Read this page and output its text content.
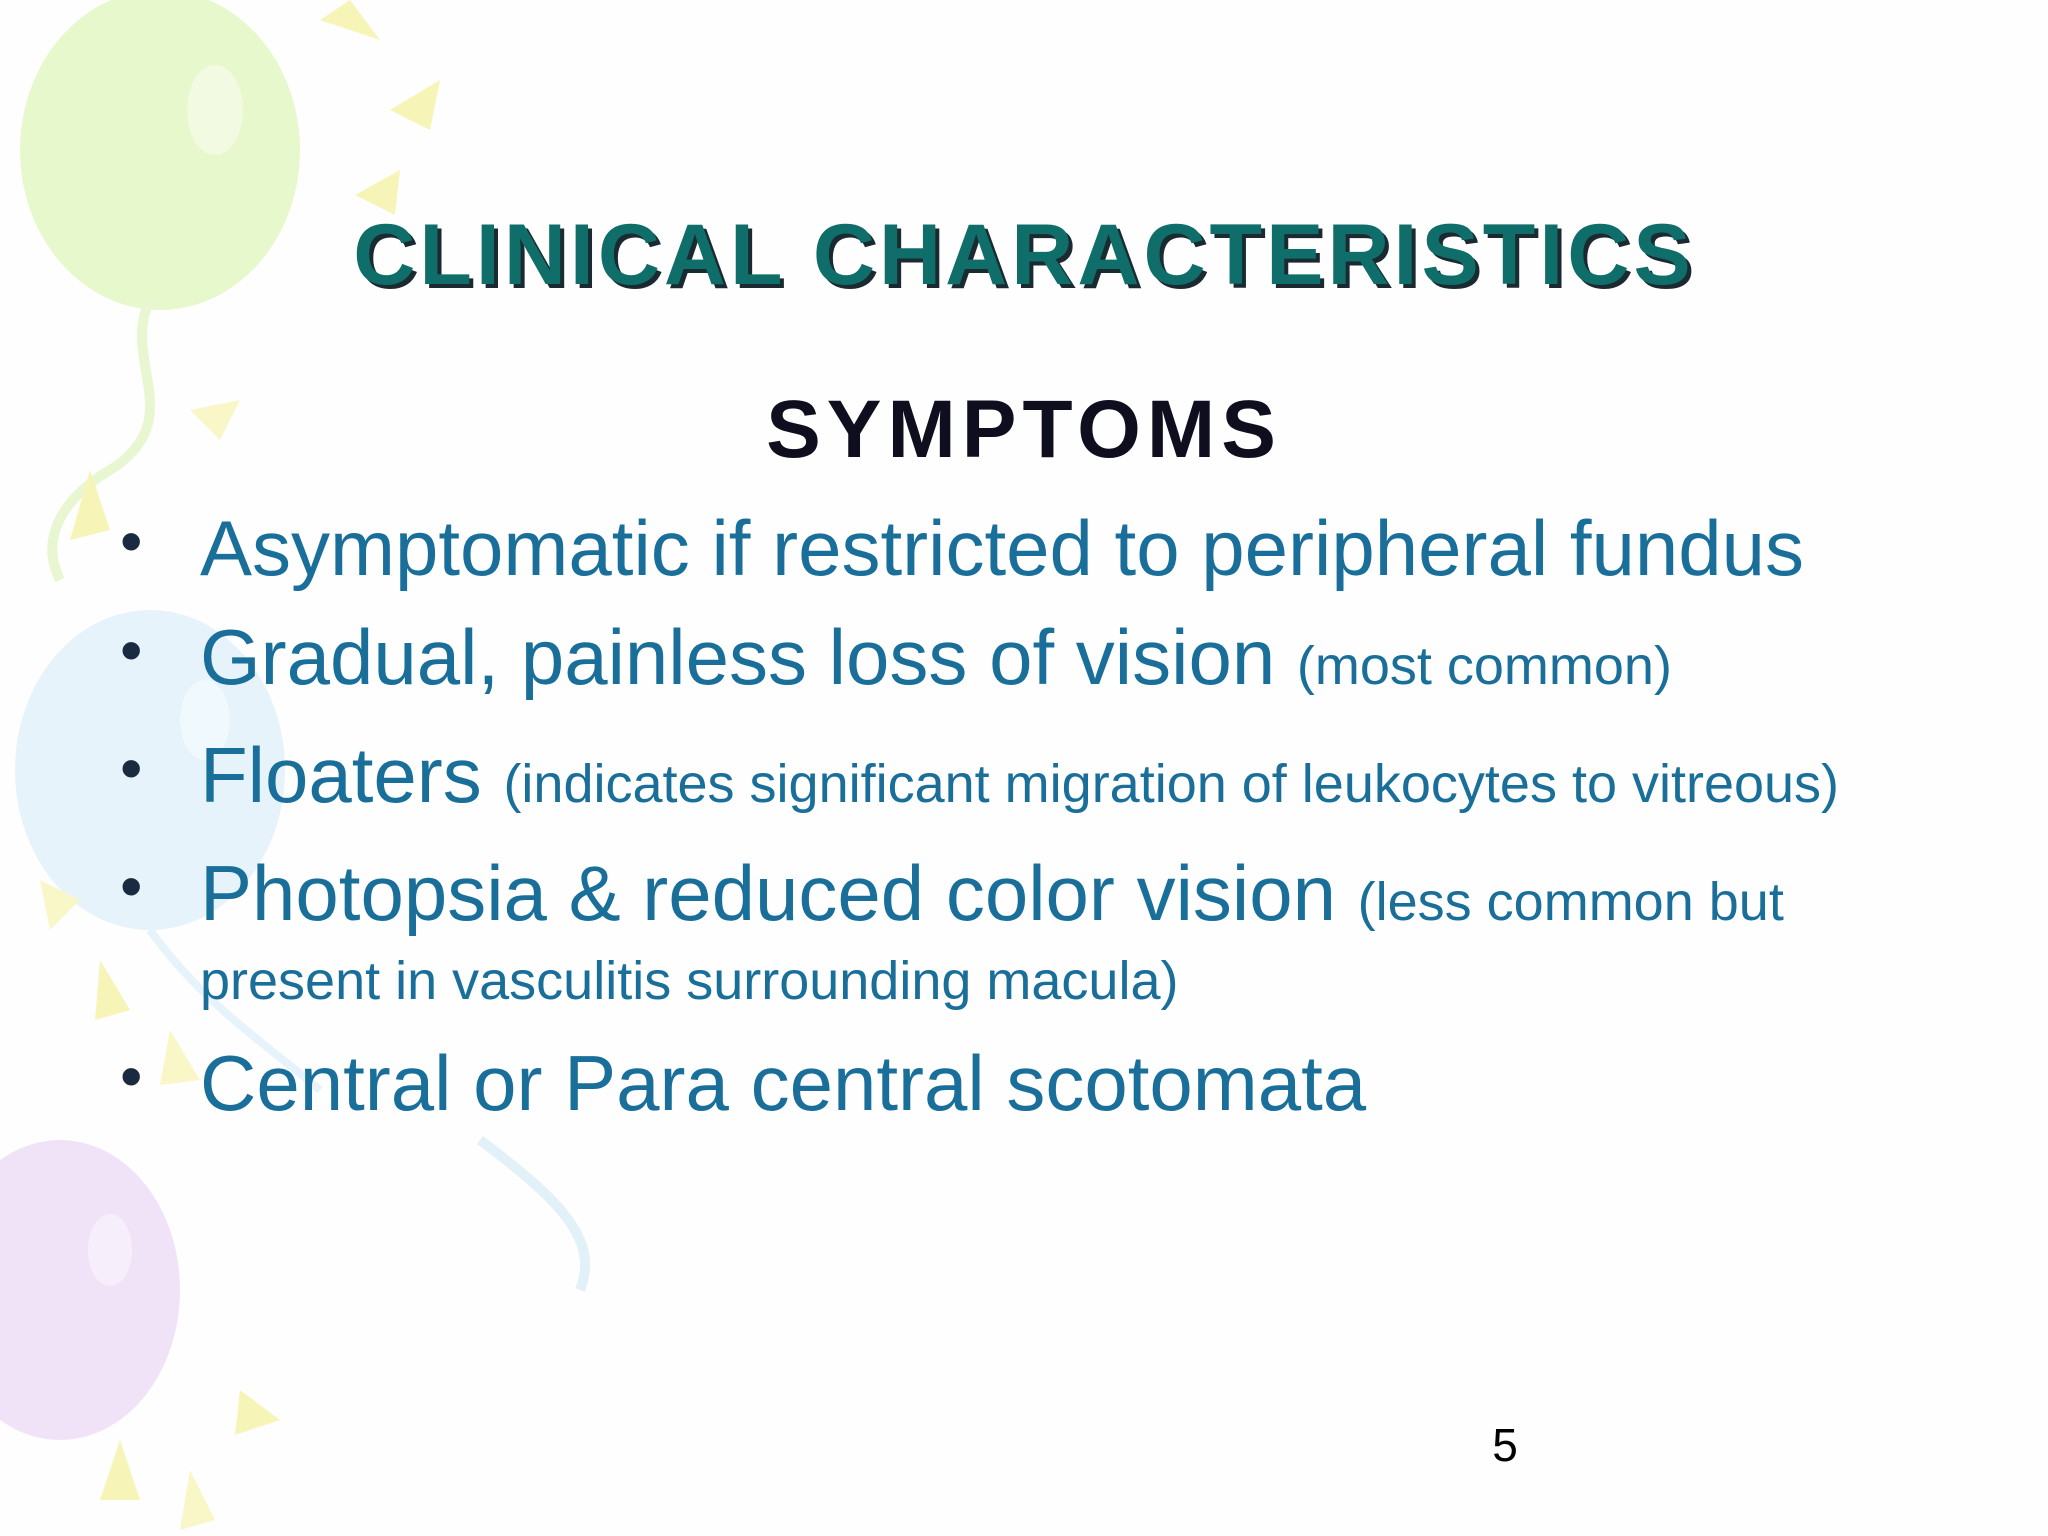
CLINICAL CHARACTERISTICS
SYMPTOMS
• Asymptomatic if restricted to peripheral fundus
• Gradual, painless loss of vision (most common)
• Floaters (indicates significant migration of leukocytes to vitreous)
• Photopsia & reduced color vision (less common but
present in vasculitis surrounding macula)
• Central or Para central scotomata
5
